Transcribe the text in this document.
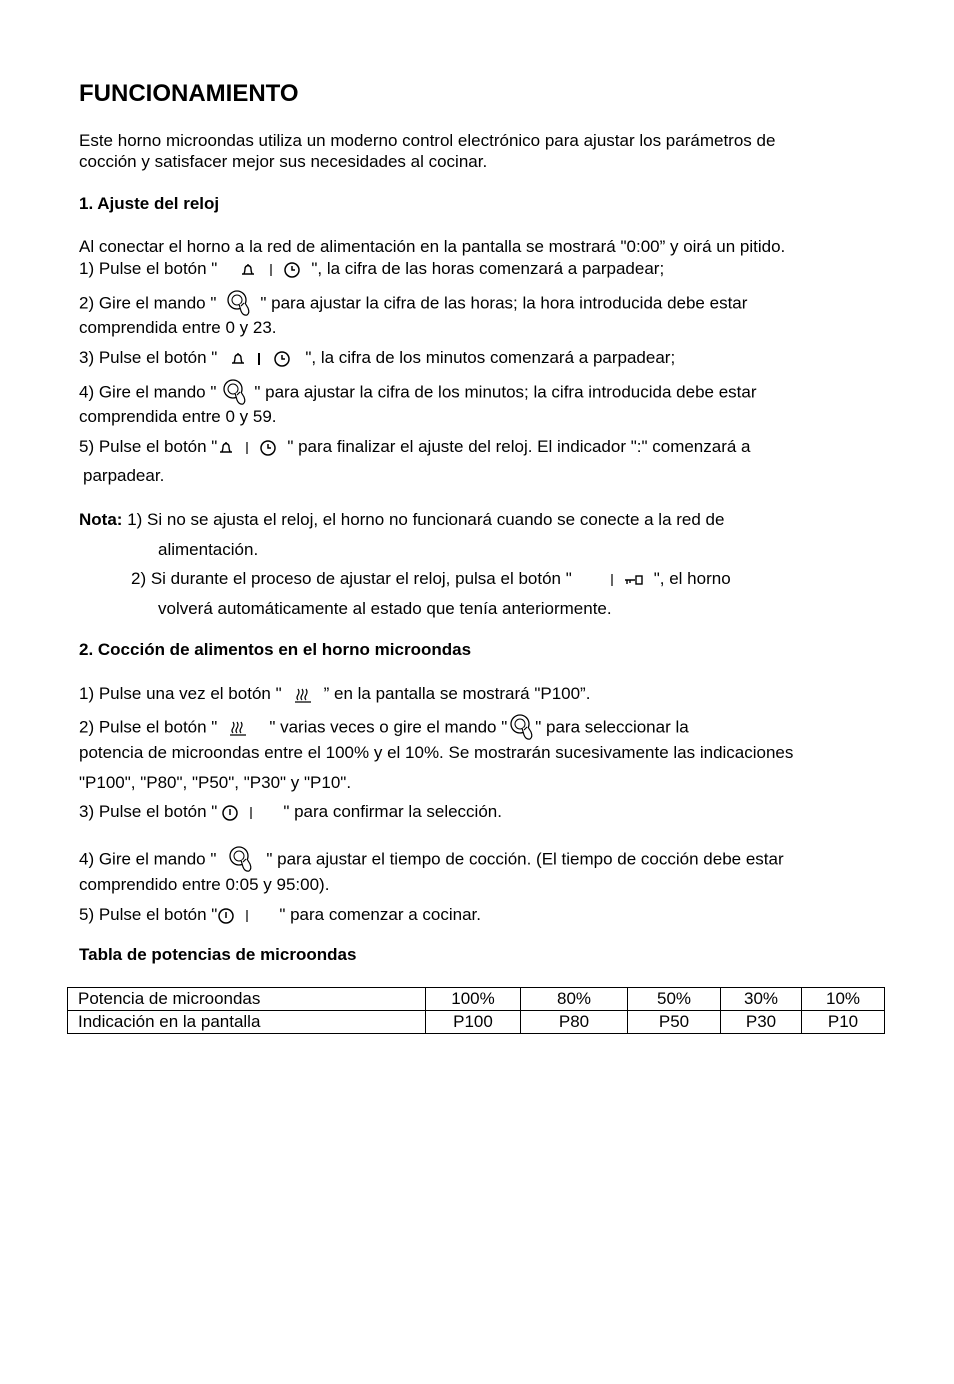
FUNCIONAMIENTO

Este horno microondas utiliza un moderno control electrónico para ajustar los parámetros de

cocción y satisfacer mejor sus necesidades al cocinar.

1. Ajuste del reloj

Al conectar el horno a la red de alimentación en la pantalla se mostrará "0:00” y oirá un pitido.

1) Pulse el botón "	", la cifra de las horas comenzará a parpadear;

2) Gire el mando "	" para ajustar la cifra de las horas; la hora introducida debe estar

comprendida entre 0 y 23.

3) Pulse el botón "	", la cifra de los minutos comenzará a parpadear;

4) Gire el mando " " para ajustar la cifra de los minutos; la cifra introducida debe estar

comprendida entre 0 y 59.

5) Pulse el botón "	" para finalizar el ajuste del reloj. El indicador ":" comenzará a

parpadear.

Nota: 1) Si no se ajusta el reloj, el horno no funcionará cuando se conecte a la red de

alimentación.

2) Si durante el proceso de ajustar el reloj, pulsa el botón "	", el horno

volverá automáticamente al estado que tenía anteriormente.

2. Cocción de alimentos en el horno microondas

1) Pulse una vez el botón " ” en la pantalla se mostrará "P100”.

2) Pulse el botón "	" varias veces o gire el mando " " para seleccionar la

potencia de microondas entre el 100% y el 10%. Se mostrarán sucesivamente las indicaciones

"P100", "P80", "P50", "P30" y "P10".

3) Pulse el botón "	" para confirmar la selección.

4) Gire el mando "	" para ajustar el tiempo de cocción. (El tiempo de cocción debe estar

comprendido entre 0:05 y 95:00).

5) Pulse el botón "	" para comenzar a cocinar.

Tabla de potencias de microondas

Potencia de microondas	100%	80%	50%	30%	10%
Indicación en la pantalla	P100	P80	P50	P30	P10
